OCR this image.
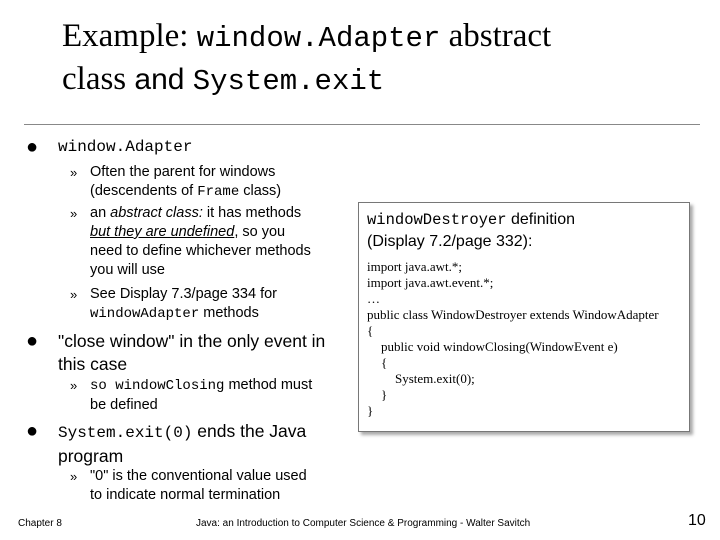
Example: window.Adapter abstract
class and System.exit
● window.Adapter
» Often the parent for windows
(descendents of Frame class)
» an abstract class: it has methods
but they are undefined, so you
need to define whichever methods
you will use
» See Display 7.3/page 334 for
windowAdapter methods
● "close window" in the only event in
this case
» so windowClosing method must
be defined
● System.exit(0) ends the Java
program
» "0" is the conventional value used
to indicate normal termination
windowDestroyer definition
(Display 7.2/page 332):
import java.awt.*;
import java.awt.event.*;
…
public class WindowDestroyer extends WindowAdapter
{
public void windowClosing(WindowEvent e)
{
System.exit(0);
}
}
Chapter 8	Java: an Introduction to Computer Science & Programming - Walter Savitch	10
